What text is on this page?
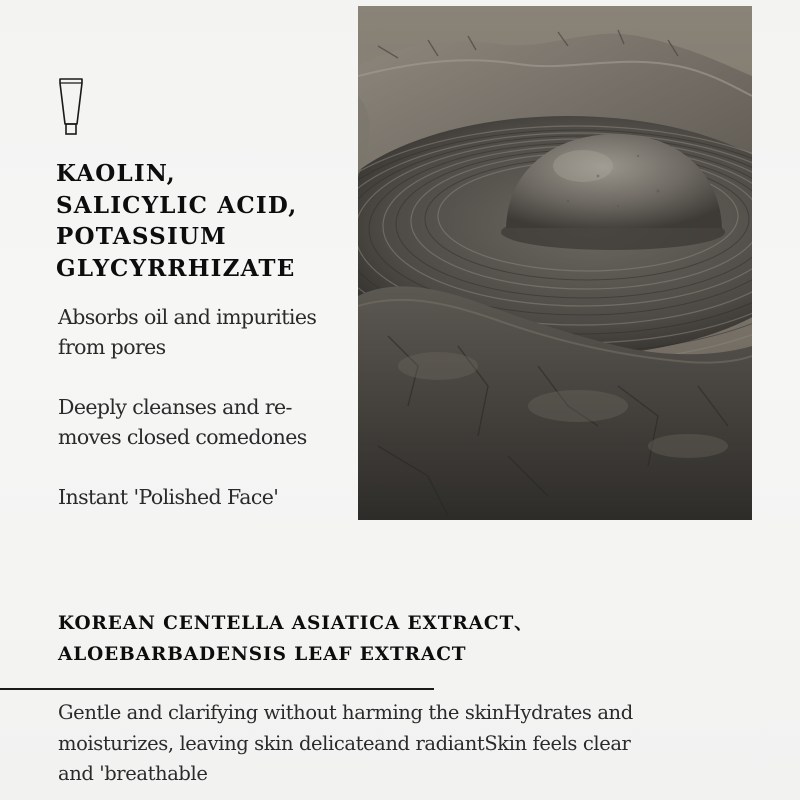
KAOLIN,
SALICYLIC ACID,
POTASSIUM
GLYCYRRHIZATE

Absorbs oil and impurities
from pores

Deeply cleanses and re-
moves closed comedones

Instant 'Polished Face'

KOREAN CENTELLA ASIATICA EXTRACT、
ALOEBARBADENSIS LEAF EXTRACT

Gentle and clarifying without harming the skinHydrates and
moisturizes, leaving skin delicateand radiantSkin feels clear
and 'breathable
